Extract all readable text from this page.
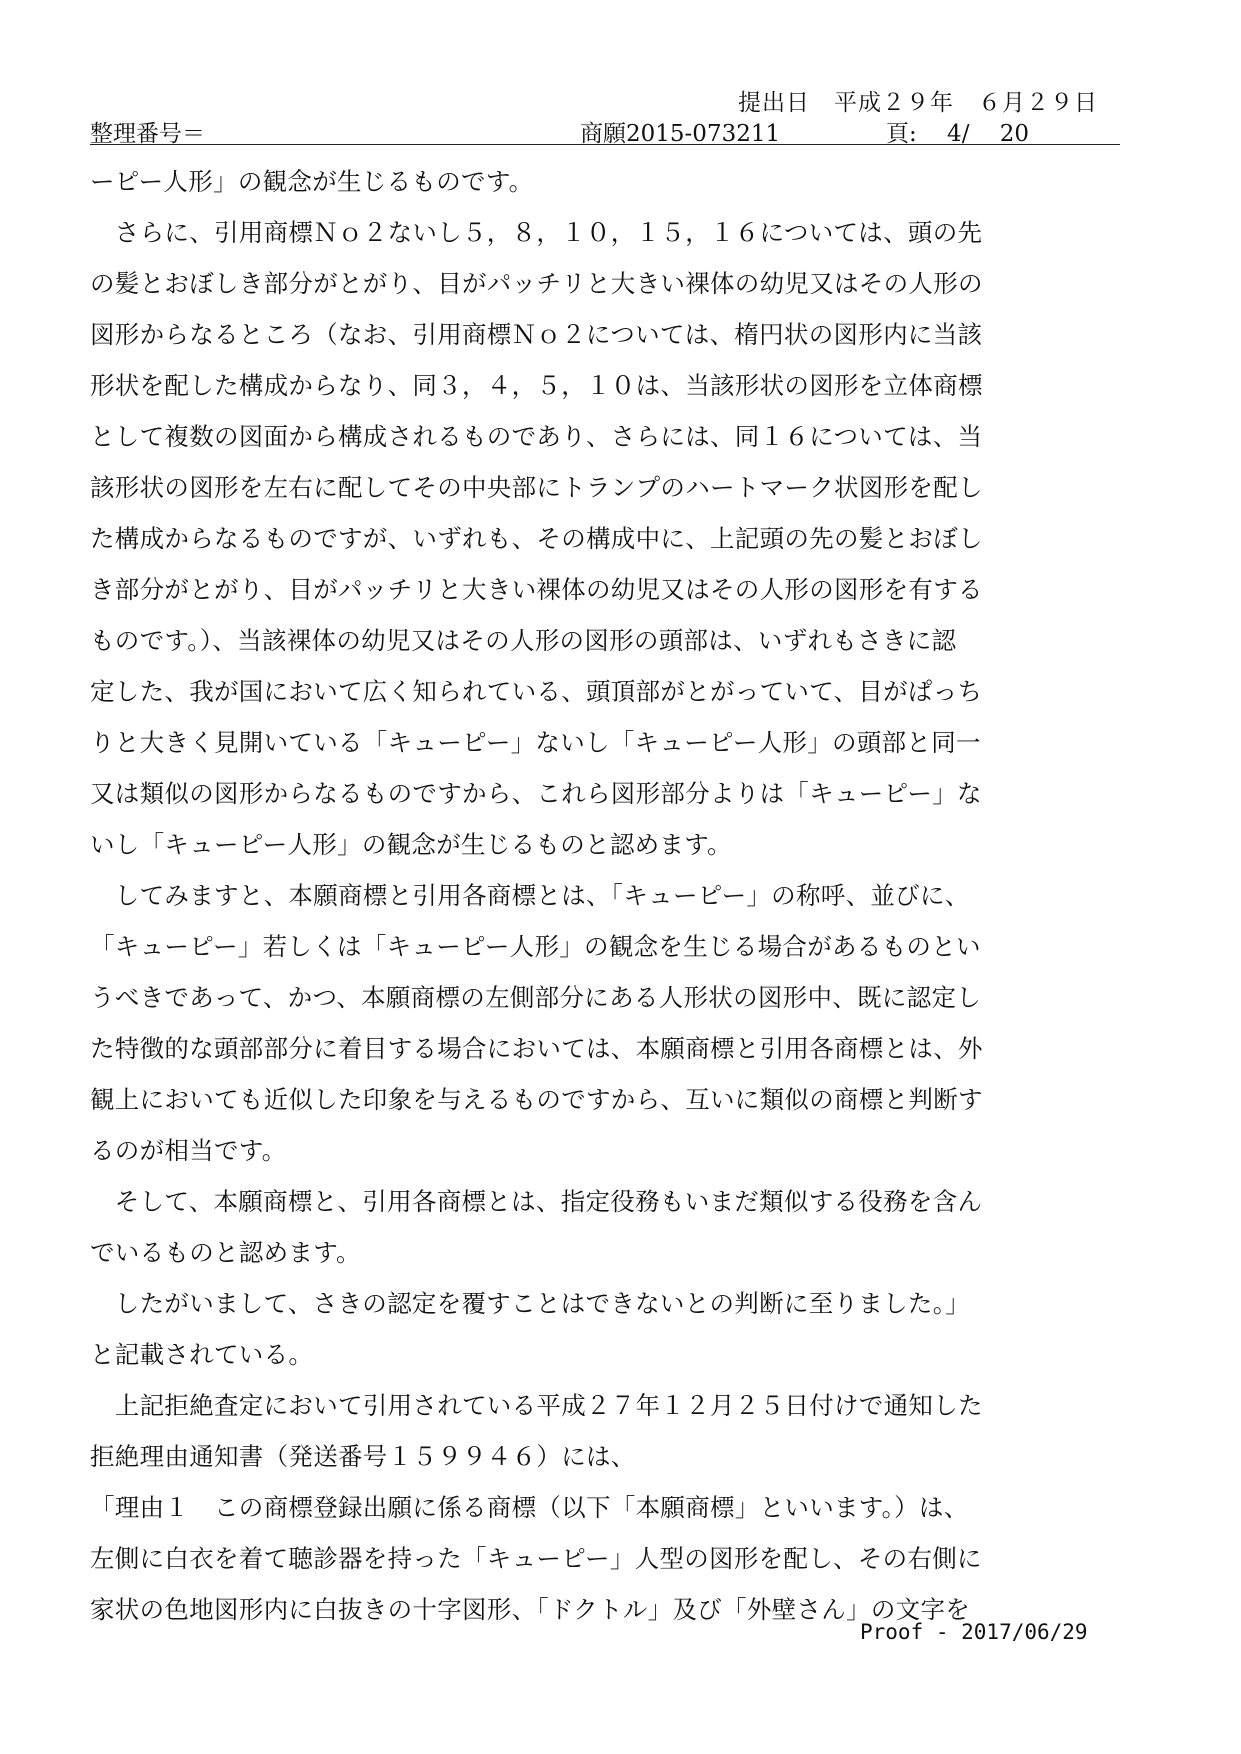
提出日　平成２９年　６月２９日
整理番号＝	商願2015-073211	頁:　 4/　 20
ーピー人形」の観念が生じるものです。
　さらに、引用商標Ｎｏ２ないし５，８，１０，１５，１６については、頭の先
の髪とおぼしき部分がとがり、目がパッチリと大きい裸体の幼児又はその人形の
図形からなるところ（なお、引用商標Ｎｏ２については、楕円状の図形内に当該
形状を配した構成からなり、同３，４，５，１０は、当該形状の図形を立体商標
として複数の図面から構成されるものであり、さらには、同１６については、当
該形状の図形を左右に配してその中央部にトランプのハートマーク状図形を配し
た構成からなるものですが、いずれも、その構成中に、上記頭の先の髪とおぼし
き部分がとがり、目がパッチリと大きい裸体の幼児又はその人形の図形を有する
ものです。）、当該裸体の幼児又はその人形の図形の頭部は、いずれもさきに認
定した、我が国において広く知られている、頭頂部がとがっていて、目がぱっち
りと大きく見開いている「キューピー」ないし「キューピー人形」の頭部と同一
又は類似の図形からなるものですから、これら図形部分よりは「キューピー」な
いし「キューピー人形」の観念が生じるものと認めます。
　してみますと、本願商標と引用各商標とは、「キューピー」の称呼、並びに、
「キューピー」若しくは「キューピー人形」の観念を生じる場合があるものとい
うべきであって、かつ、本願商標の左側部分にある人形状の図形中、既に認定し
た特徴的な頭部部分に着目する場合においては、本願商標と引用各商標とは、外
観上においても近似した印象を与えるものですから、互いに類似の商標と判断す
るのが相当です。
　そして、本願商標と、引用各商標とは、指定役務もいまだ類似する役務を含ん
でいるものと認めます。
　したがいまして、さきの認定を覆すことはできないとの判断に至りました。」
と記載されている。
　上記拒絶査定において引用されている平成２７年１２月２５日付けで通知した
拒絶理由通知書（発送番号１５９９４６）には、
「理由１　この商標登録出願に係る商標（以下「本願商標」といいます。）は、
左側に白衣を着て聴診器を持った「キューピー」人型の図形を配し、その右側に
家状の色地図形内に白抜きの十字図形、「ドクトル」及び「外壁さん」の文字を
Proof - 2017/06/29
